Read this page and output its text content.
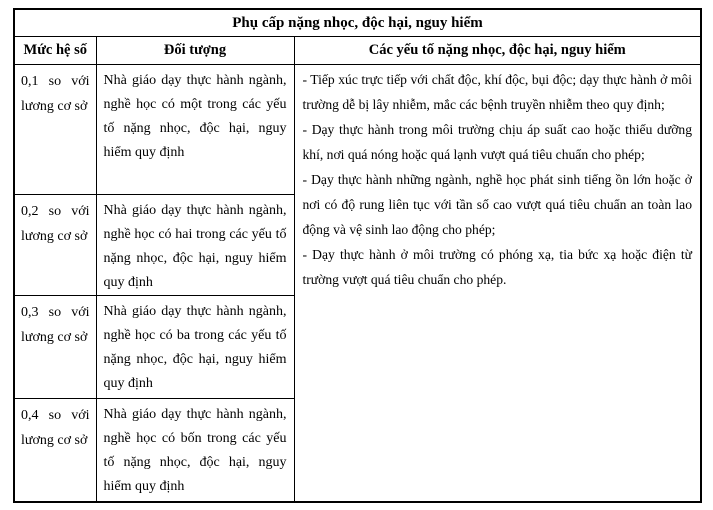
Phụ cấp nặng nhọc, độc hại, nguy hiểm		
Mức hệ số	Đối tượng	Các yếu tố nặng nhọc, độc hại, nguy hiểm
0,1 so với lương cơ sở	Nhà giáo dạy thực hành ngành, nghề học có một trong các yếu tố nặng nhọc, độc hại, nguy hiểm quy định	- Tiếp xúc trực tiếp với chất độc, khí độc, bụi độc; dạy thực hành ở môi trường dễ bị lây nhiễm, mắc các bệnh truyền nhiễm theo quy định;

- Dạy thực hành trong môi trường chịu áp suất cao hoặc thiếu dưỡng khí, nơi quá nóng hoặc quá lạnh vượt quá tiêu chuẩn cho phép;

- Dạy thực hành những ngành, nghề học phát sinh tiếng ồn lớn hoặc ở nơi có độ rung liên tục với tần số cao vượt quá tiêu chuẩn an toàn lao động và vệ sinh lao động cho phép;

- Dạy thực hành ở môi trường có phóng xạ, tia bức xạ hoặc điện từ trường vượt quá tiêu chuẩn cho phép.

0,2 so với lương cơ sở	Nhà giáo dạy thực hành ngành, nghề học có hai trong các yếu tố nặng nhọc, độc hại, nguy hiểm quy định	
0,3 so với lương cơ sở	Nhà giáo dạy thực hành ngành, nghề học có ba trong các yếu tố nặng nhọc, độc hại, nguy hiểm quy định	
0,4 so với lương cơ sở	Nhà giáo dạy thực hành ngành, nghề học có bốn trong các yếu tố nặng nhọc, độc hại, nguy hiểm quy định	
